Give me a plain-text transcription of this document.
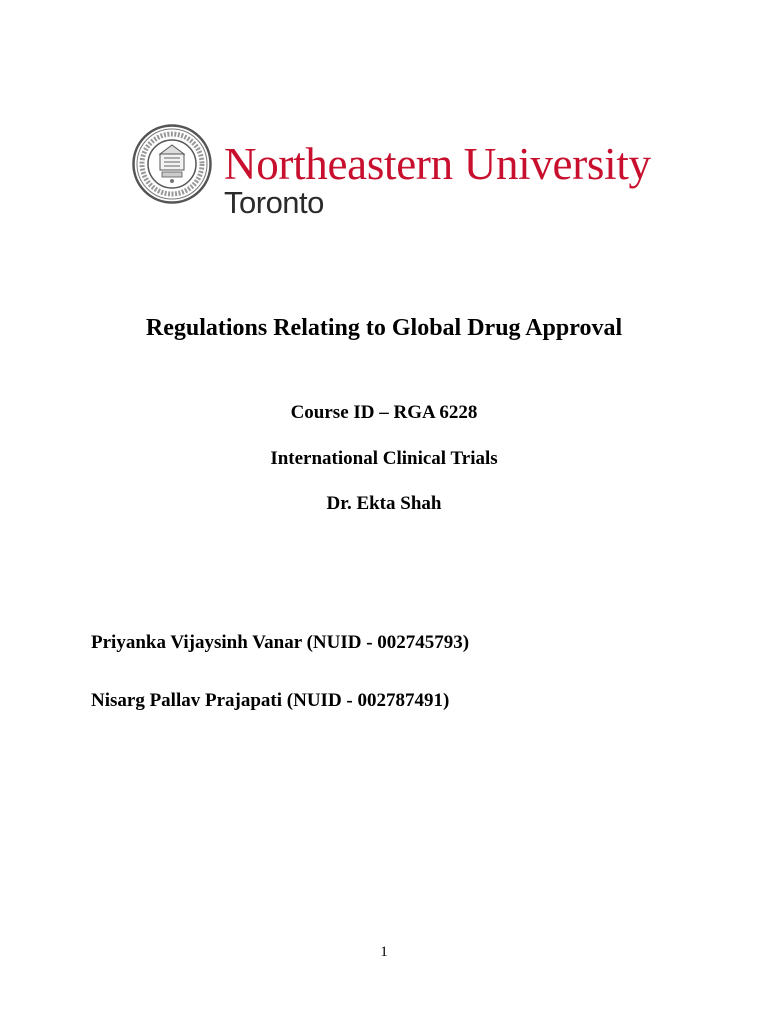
Northeastern University
Toronto
Regulations Relating to Global Drug Approval
Course ID – RGA 6228
International Clinical Trials
Dr. Ekta Shah
Priyanka Vijaysinh Vanar (NUID - 002745793)
Nisarg Pallav Prajapati (NUID - 002787491)
1
